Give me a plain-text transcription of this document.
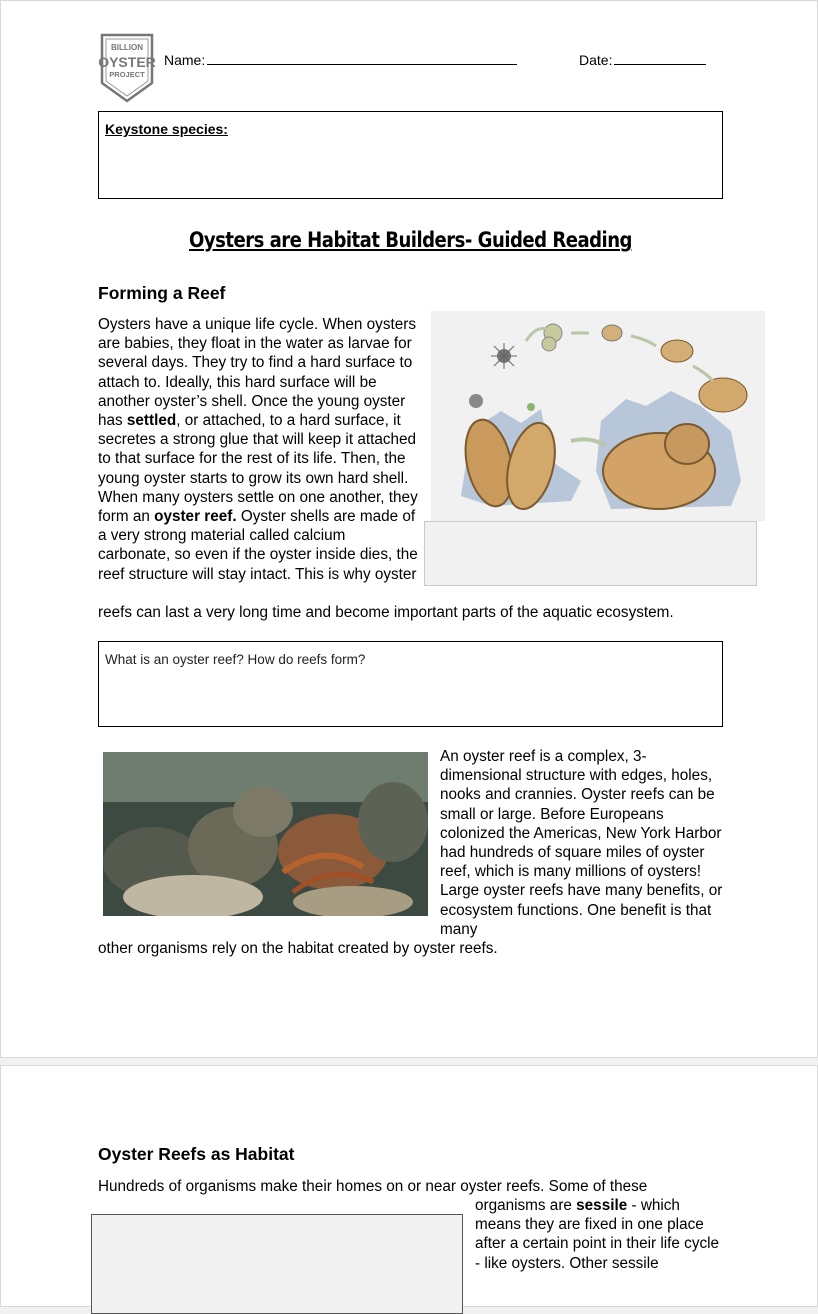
BILLION
OYSTER
PROJECT
Name:	Date:
Keystone species:
Oysters are Habitat Builders- Guided Reading
Forming a Reef
Oysters have a unique life cycle. When oysters are babies, they float in the water as larvae for several days. They try to find a hard surface to attach to. Ideally, this hard surface will be another oyster’s shell. Once the young oyster has settled, or attached, to a hard surface, it secretes a strong glue that will keep it attached to that surface for the rest of its life. Then, the young oyster starts to grow its own hard shell. When many oysters settle on one another, they form an oyster reef. Oyster shells are made of a very strong material called calcium carbonate, so even if the oyster inside dies, the reef structure will stay intact. This is why oyster
reefs can last a very long time and become important parts of the aquatic ecosystem.
What is an oyster reef? How do reefs form?
An oyster reef is a complex, 3-dimensional structure with edges, holes, nooks and crannies. Oyster reefs can be small or large. Before Europeans colonized the Americas, New York Harbor had hundreds of square miles of oyster reef, which is many millions of oysters! Large oyster reefs have many benefits, or ecosystem functions. One benefit is that many
other organisms rely on the habitat created by oyster reefs.
Oyster Reefs as Habitat
Hundreds of organisms make their homes on or near oyster reefs. Some of these
organisms are sessile - which means they are fixed in one place after a certain point in their life cycle - like oysters. Other sessile
